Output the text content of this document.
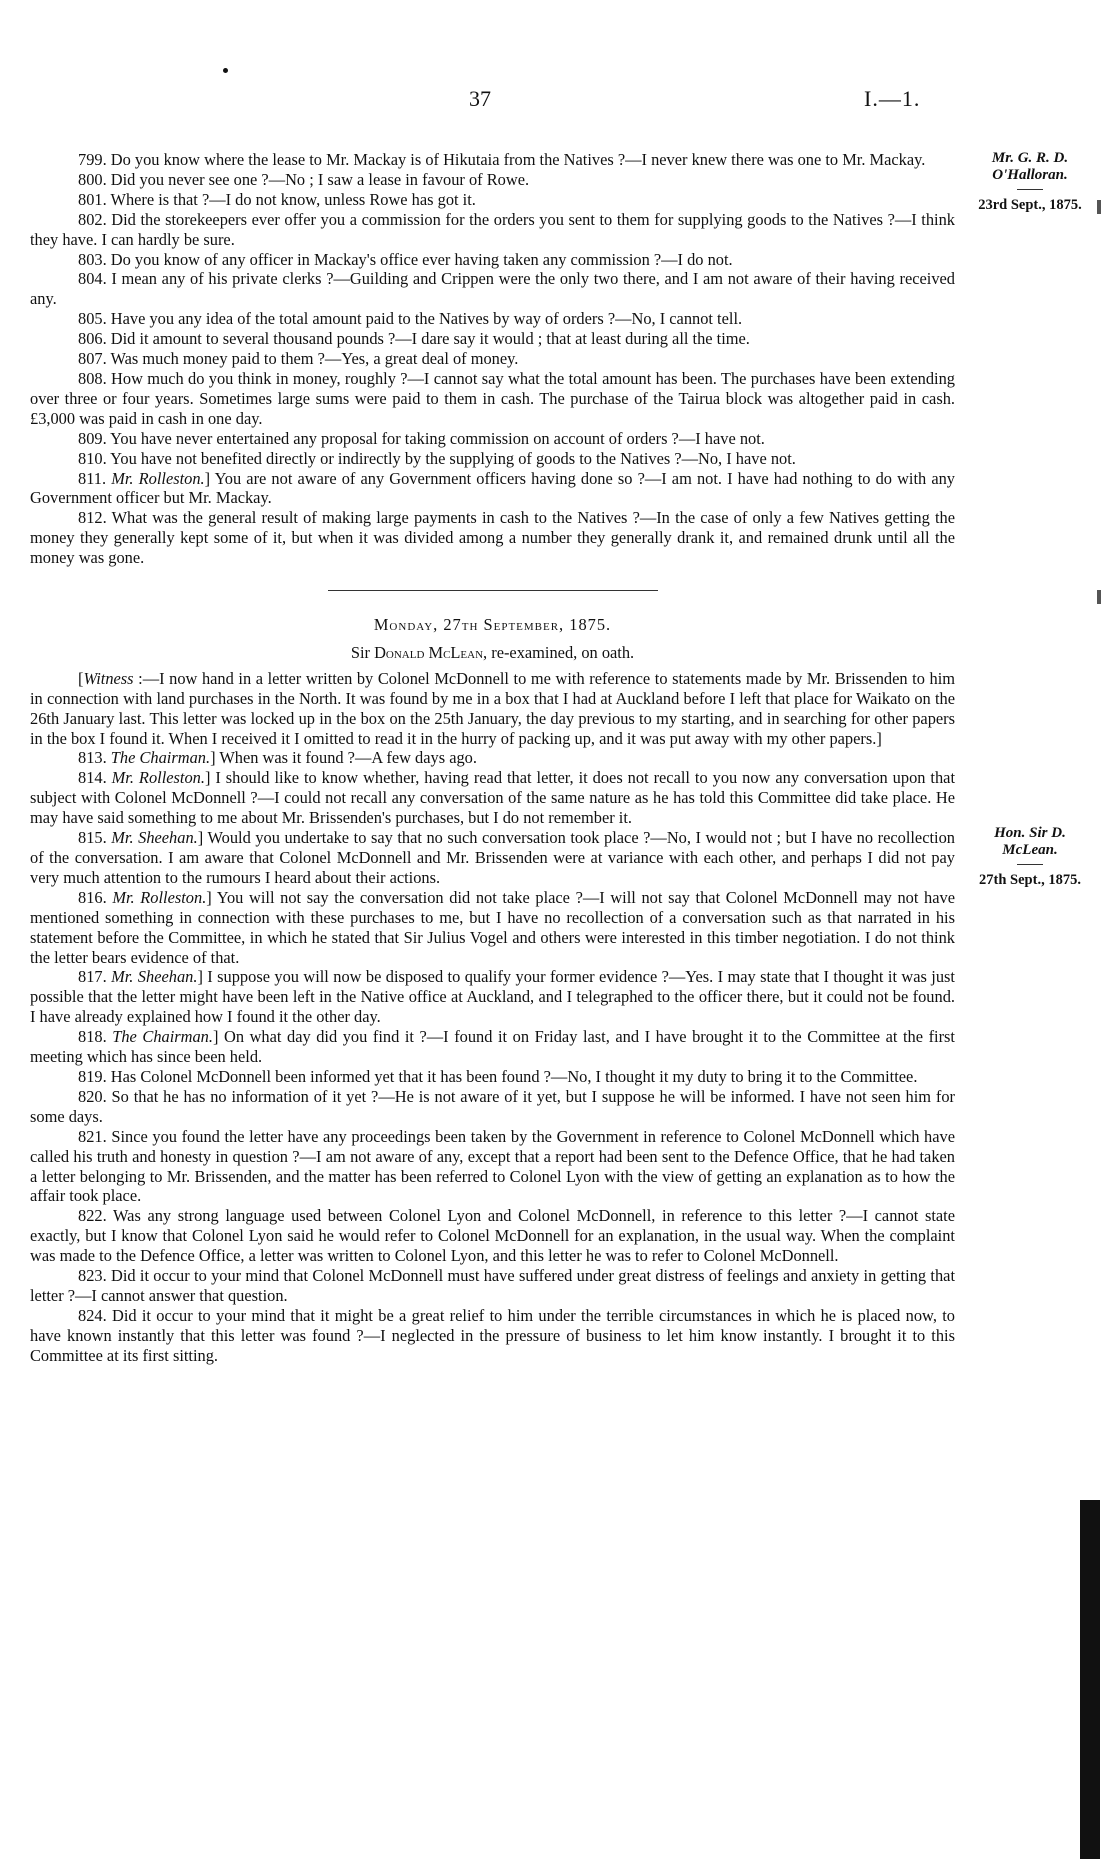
37	I.—1.
Mr. G. R. D.
O'Halloran.
23rd Sept., 1875.
Hon. Sir D.
McLean.
27th Sept., 1875.

799. Do you know where the lease to Mr. Mackay is of Hikutaia from the Natives ?—I never knew there was one to Mr. Mackay.

800. Did you never see one ?—No ; I saw a lease in favour of Rowe.

801. Where is that ?—I do not know, unless Rowe has got it.

802. Did the storekeepers ever offer you a commission for the orders you sent to them for supplying goods to the Natives ?—I think they have. I can hardly be sure.

803. Do you know of any officer in Mackay's office ever having taken any commission ?—I do not.

804. I mean any of his private clerks ?—Guilding and Crippen were the only two there, and I am not aware of their having received any.

805. Have you any idea of the total amount paid to the Natives by way of orders ?—No, I cannot tell.

806. Did it amount to several thousand pounds ?—I dare say it would ; that at least during all the time.

807. Was much money paid to them ?—Yes, a great deal of money.

808. How much do you think in money, roughly ?—I cannot say what the total amount has been. The purchases have been extending over three or four years. Sometimes large sums were paid to them in cash. The purchase of the Tairua block was altogether paid in cash. £3,000 was paid in cash in one day.

809. You have never entertained any proposal for taking commission on account of orders ?—I have not.

810. You have not benefited directly or indirectly by the supplying of goods to the Natives ?—No, I have not.

811. Mr. Rolleston.] You are not aware of any Government officers having done so ?—I am not. I have had nothing to do with any Government officer but Mr. Mackay.

812. What was the general result of making large payments in cash to the Natives ?—In the case of only a few Natives getting the money they generally kept some of it, but when it was divided among a number they generally drank it, and remained drunk until all the money was gone.

Monday, 27th September, 1875.

Sir Donald McLean, re-examined, on oath.

[Witness :—I now hand in a letter written by Colonel McDonnell to me with reference to statements made by Mr. Brissenden to him in connection with land purchases in the North. It was found by me in a box that I had at Auckland before I left that place for Waikato on the 26th January last. This letter was locked up in the box on the 25th January, the day previous to my starting, and in searching for other papers in the box I found it. When I received it I omitted to read it in the hurry of packing up, and it was put away with my other papers.]

813. The Chairman.] When was it found ?—A few days ago.

814. Mr. Rolleston.] I should like to know whether, having read that letter, it does not recall to you now any conversation upon that subject with Colonel McDonnell ?—I could not recall any conversation of the same nature as he has told this Committee did take place. He may have said something to me about Mr. Brissenden's purchases, but I do not remember it.

815. Mr. Sheehan.] Would you undertake to say that no such conversation took place ?—No, I would not ; but I have no recollection of the conversation. I am aware that Colonel McDonnell and Mr. Brissenden were at variance with each other, and perhaps I did not pay very much attention to the rumours I heard about their actions.

816. Mr. Rolleston.] You will not say the conversation did not take place ?—I will not say that Colonel McDonnell may not have mentioned something in connection with these purchases to me, but I have no recollection of a conversation such as that narrated in his statement before the Committee, in which he stated that Sir Julius Vogel and others were interested in this timber negotiation. I do not think the letter bears evidence of that.

817. Mr. Sheehan.] I suppose you will now be disposed to qualify your former evidence ?—Yes. I may state that I thought it was just possible that the letter might have been left in the Native office at Auckland, and I telegraphed to the officer there, but it could not be found. I have already explained how I found it the other day.

818. The Chairman.] On what day did you find it ?—I found it on Friday last, and I have brought it to the Committee at the first meeting which has since been held.

819. Has Colonel McDonnell been informed yet that it has been found ?—No, I thought it my duty to bring it to the Committee.

820. So that he has no information of it yet ?—He is not aware of it yet, but I suppose he will be informed. I have not seen him for some days.

821. Since you found the letter have any proceedings been taken by the Government in reference to Colonel McDonnell which have called his truth and honesty in question ?—I am not aware of any, except that a report had been sent to the Defence Office, that he had taken a letter belonging to Mr. Brissenden, and the matter has been referred to Colonel Lyon with the view of getting an explanation as to how the affair took place.

822. Was any strong language used between Colonel Lyon and Colonel McDonnell, in reference to this letter ?—I cannot state exactly, but I know that Colonel Lyon said he would refer to Colonel McDonnell for an explanation, in the usual way. When the complaint was made to the Defence Office, a letter was written to Colonel Lyon, and this letter he was to refer to Colonel McDonnell.

823. Did it occur to your mind that Colonel McDonnell must have suffered under great distress of feelings and anxiety in getting that letter ?—I cannot answer that question.

824. Did it occur to your mind that it might be a great relief to him under the terrible circumstances in which he is placed now, to have known instantly that this letter was found ?—I neglected in the pressure of business to let him know instantly. I brought it to this Committee at its first sitting.
